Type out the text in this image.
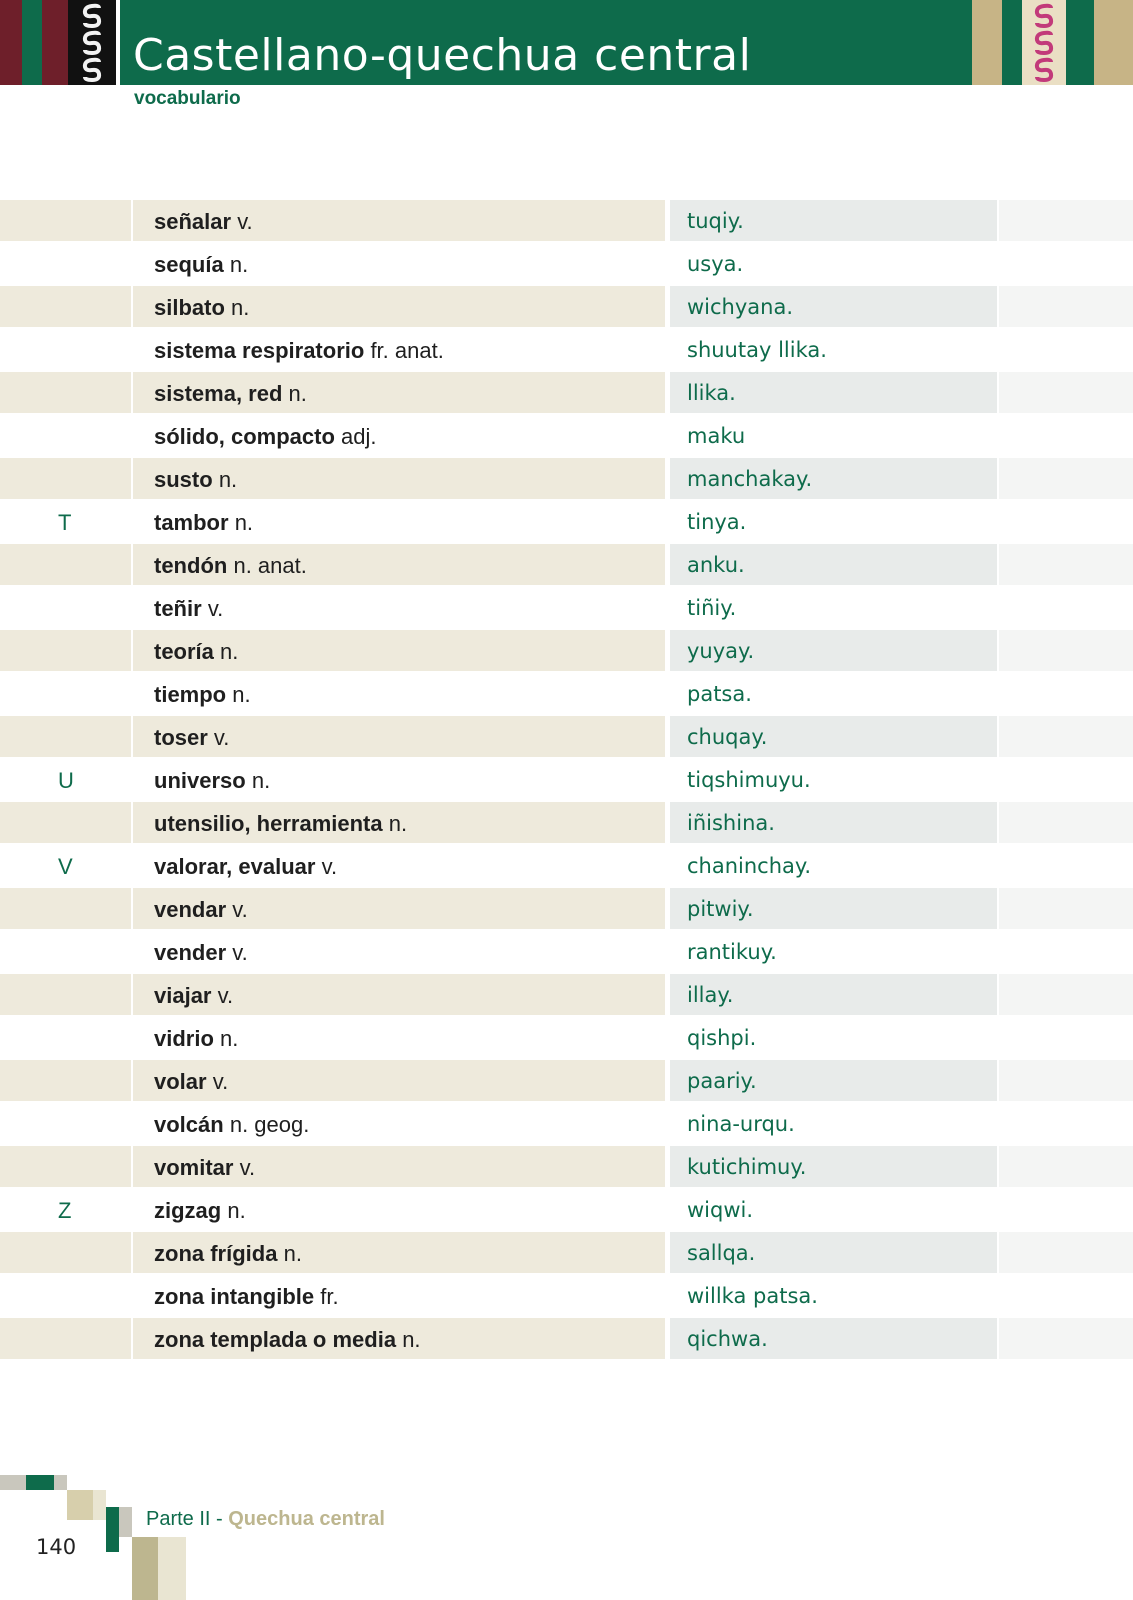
Castellano-quechua central
vocabulario
señalar v.	tuqiy.
sequía n.	usya.
silbato n.	wichyana.
sistema respiratorio fr. anat.	shuutay llika.
sistema, red n.	llika.
sólido, compacto adj.	maku
susto n.	manchakay.
T	tambor n.	tinya.
tendón n. anat.	anku.
teñir v.	tiñiy.
teoría n.	yuyay.
tiempo n.	patsa.
toser v.	chuqay.
U	universo n.	tiqshimuyu.
utensilio, herramienta n.	iñishina.
V	valorar, evaluar v.	chaninchay.
vendar v.	pitwiy.
vender v.	rantikuy.
viajar v.	illay.
vidrio n.	qishpi.
volar v.	paariy.
volcán n. geog.	nina-urqu.
vomitar v.	kutichimuy.
Z	zigzag n.	wiqwi.
zona frígida n.	sallqa.
zona intangible fr.	willka patsa.
zona templada o media n.	qichwa.
Parte II - Quechua central
140
